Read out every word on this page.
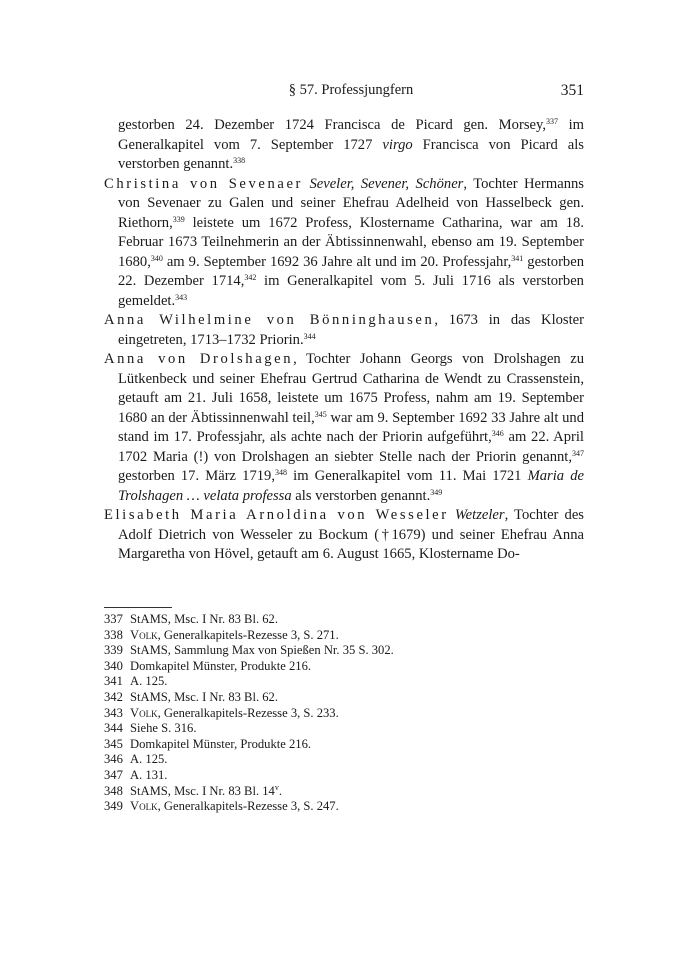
§ 57. Professjungfern	351

gestorben 24. Dezember 1724 Francisca de Picard gen. Morsey,$^{337}$ im Generalkapitel vom 7. September 1727 virgo Francisca von Picard als verstorben genannt.$^{338}$

Christina von Sevenaer Seveler, Sevener, Schöner, Tochter Hermanns von Sevenaer zu Galen und seiner Ehefrau Adelheid von Hasselbeck gen. Riethorn,$^{339}$ leistete um 1672 Profess, Klostername Catharina, war am 18. Februar 1673 Teilnehmerin an der Äbtissinnenwahl, ebenso am 19. September 1680,$^{340}$ am 9. September 1692 36 Jahre alt und im 20. Professjahr,$^{341}$ gestorben 22. Dezember 1714,$^{342}$ im Generalkapitel vom 5. Juli 1716 als verstorben gemeldet.$^{343}$

Anna Wilhelmine von Bönninghausen, 1673 in das Kloster eingetreten, 1713–1732 Priorin.$^{344}$

Anna von Drolshagen, Tochter Johann Georgs von Drolshagen zu Lütkenbeck und seiner Ehefrau Gertrud Catharina de Wendt zu Crassenstein, getauft am 21. Juli 1658, leistete um 1675 Profess, nahm am 19. September 1680 an der Äbtissinnenwahl teil,$^{345}$ war am 9. September 1692 33 Jahre alt und stand im 17. Professjahr, als achte nach der Priorin aufgeführt,$^{346}$ am 22. April 1702 Maria (!) von Drolshagen an siebter Stelle nach der Priorin genannt,$^{347}$ gestorben 17. März 1719,$^{348}$ im Generalkapitel vom 11. Mai 1721 Maria de Trolshagen … velata professa als verstorben genannt.$^{349}$

Elisabeth Maria Arnoldina von Wesseler Wetzeler, Tochter des Adolf Dietrich von Wesseler zu Bockum (†1679) und seiner Ehefrau Anna Margaretha von Hövel, getauft am 6. August 1665, Klostername Do-

337 StAMS, Msc. I Nr. 83 Bl. 62.
338 Volk, Generalkapitels-Rezesse 3, S. 271.
339 StAMS, Sammlung Max von Spießen Nr. 35 S. 302.
340 Domkapitel Münster, Produkte 216.
341 A. 125.
342 StAMS, Msc. I Nr. 83 Bl. 62.
343 Volk, Generalkapitels-Rezesse 3, S. 233.
344 Siehe S. 316.
345 Domkapitel Münster, Produkte 216.
346 A. 125.
347 A. 131.
348 StAMS, Msc. I Nr. 83 Bl. 14$^v$.
349 Volk, Generalkapitels-Rezesse 3, S. 247.
